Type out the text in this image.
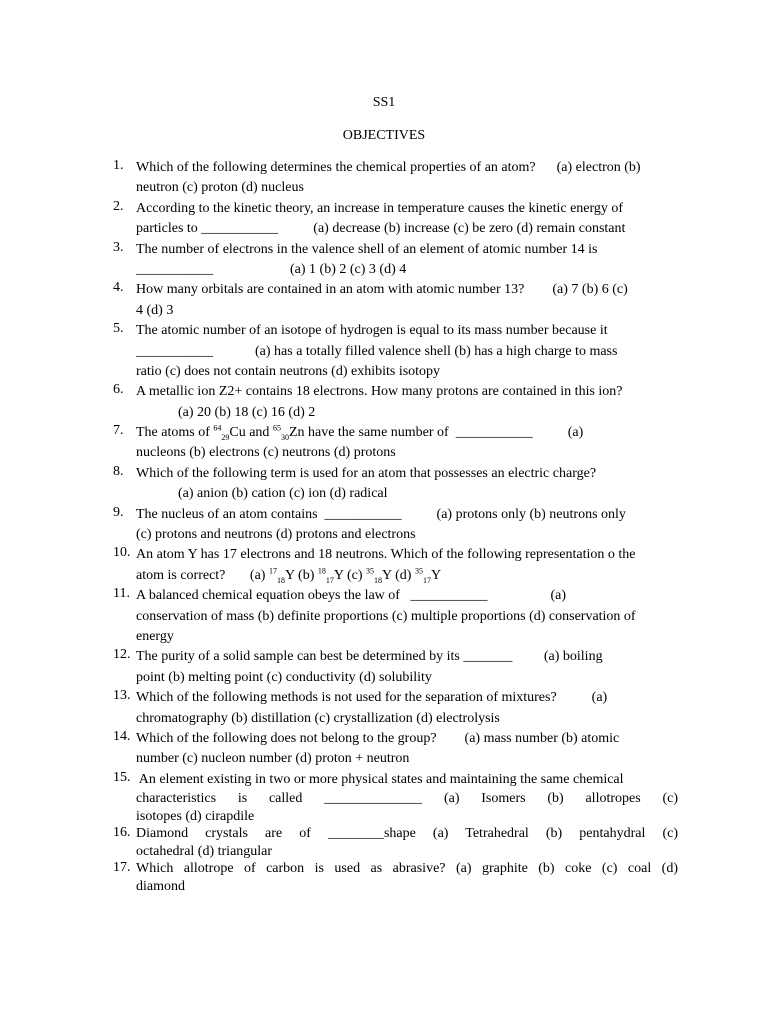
SS1
OBJECTIVES
1. Which of the following determines the chemical properties of an atom?      (a) electron (b)
neutron (c) proton (d) nucleus
2. According to the kinetic theory, an increase in temperature causes the kinetic energy of
particles to ___________          (a) decrease (b) increase (c) be zero (d) remain constant
3. The number of electrons in the valence shell of an element of atomic number 14 is
___________                      (a) 1 (b) 2 (c) 3 (d) 4
4. How many orbitals are contained in an atom with atomic number 13?        (a) 7 (b) 6 (c)
4 (d) 3
5. The atomic number of an isotope of hydrogen is equal to its mass number because it
___________            (a) has a totally filled valence shell (b) has a high charge to mass
ratio (c) does not contain neutrons (d) exhibits isotopy
6. A metallic ion Z2+ contains 18 electrons. How many protons are contained in this ion?
(a) 20 (b) 18 (c) 16 (d) 2
7. The atoms of $^{64}_{29}$Cu and $^{65}_{30}$Zn have the same number of  ___________          (a)
nucleons (b) electrons (c) neutrons (d) protons
8. Which of the following term is used for an atom that possesses an electric charge?
(a) anion (b) cation (c) ion (d) radical
9. The nucleus of an atom contains  ___________          (a) protons only (b) neutrons only
(c) protons and neutrons (d) protons and electrons
10. An atom Y has 17 electrons and 18 neutrons. Which of the following representation o the
atom is correct?       (a) $^{17}_{18}$Y (b) $^{18}_{17}$Y (c) $^{35}_{18}$Y (d) $^{35}_{17}$Y
11. A balanced chemical equation obeys the law of   ___________                  (a)
conservation of mass (b) definite proportions (c) multiple proportions (d) conservation of
energy
12. The purity of a solid sample can best be determined by its _______         (a) boiling
point (b) melting point (c) conductivity (d) solubility
13. Which of the following methods is not used for the separation of mixtures?          (a)
chromatography (b) distillation (c) crystallization (d) electrolysis
14. Which of the following does not belong to the group?        (a) mass number (b) atomic
number (c) nucleon number (d) proton + neutron
15. An element existing in two or more physical states and maintaining the same chemical
characteristics is called ______________ (a) Isomers (b) allotropes (c)
isotopes (d) cirapdile
16. Diamond crystals are of ________shape (a) Tetrahedral (b) pentahydral (c)
octahedral (d) triangular
17. Which allotrope of carbon is used as abrasive? (a) graphite (b) coke (c) coal (d)
diamond
